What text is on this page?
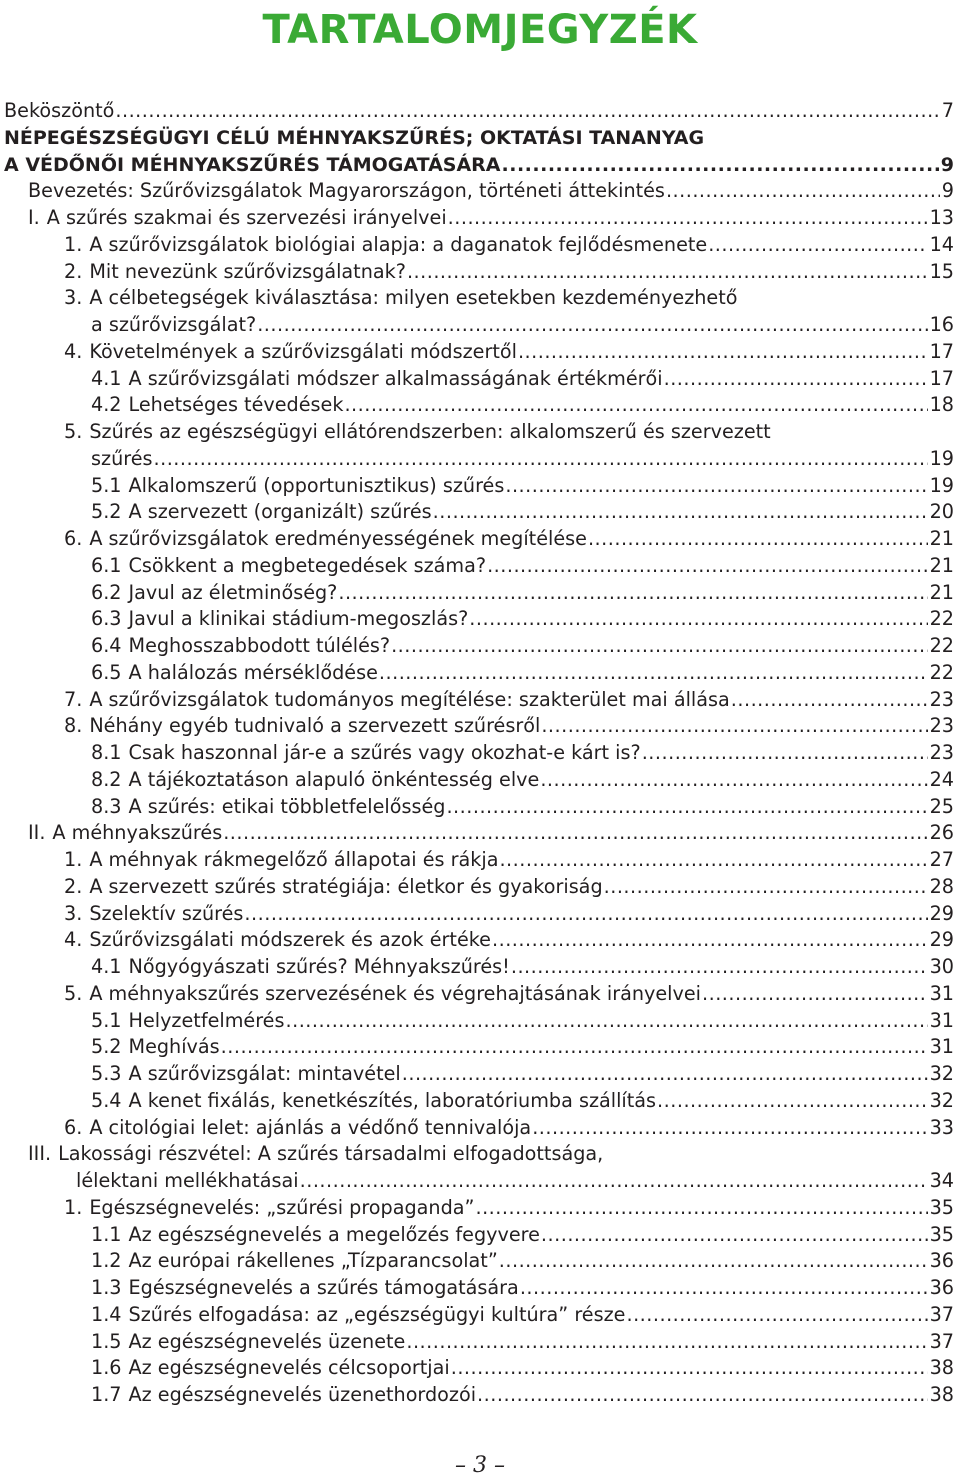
TARTALOMJEGYZÉK
Beköszöntő .....	7
NÉPEGÉSZSÉGÜGYI CÉLÚ MÉHNYAKSZŰRÉS; OKTATÁSI TANANYAG
A VÉDŐNŐI MÉHNYAKSZŰRÉS TÁMOGATÁSÁRA .....	9
Bevezetés: Szűrővizsgálatok Magyarországon, történeti áttekintés .....	9
I. A szűrés szakmai és szervezési irányelvei .....	13
1. A szűrővizsgálatok biológiai alapja: a daganatok fejlődésmenete .....	14
2. Mit nevezünk szűrővizsgálatnak? .....	15
3. A célbetegségek kiválasztása: milyen esetekben kezdeményezhető
a szűrővizsgálat? .....	16
4. Követelmények a szűrővizsgálati módszertől .....	17
4.1 A szűrővizsgálati módszer alkalmasságának értékmérői .....	17
4.2 Lehetséges tévedések .....	18
5. Szűrés az egészségügyi ellátórendszerben: alkalomszerű és szervezett
szűrés .....	19
5.1 Alkalomszerű (opportunisztikus) szűrés .....	19
5.2 A szervezett (organizált) szűrés .....	20
6. A szűrővizsgálatok eredményességének megítélése .....	21
6.1 Csökkent a megbetegedések száma? .....	21
6.2 Javul az életminőség? .....	21
6.3 Javul a klinikai stádium-megoszlás? .....	22
6.4 Meghosszabbodott túlélés? .....	22
6.5 A halálozás mérséklődése .....	22
7. A szűrővizsgálatok tudományos megítélése: szakterület mai állása .....	23
8. Néhány egyéb tudnivaló a szervezett szűrésről .....	23
8.1 Csak haszonnal jár-e a szűrés vagy okozhat-e kárt is? .....	23
8.2 A tájékoztatáson alapuló önkéntesség elve .....	24
8.3 A szűrés: etikai többletfelelősség .....	25
II. A méhnyakszűrés .....	26
1. A méhnyak rákmegelőző állapotai és rákja .....	27
2. A szervezett szűrés stratégiája: életkor és gyakoriság .....	28
3. Szelektív szűrés .....	29
4. Szűrővizsgálati módszerek és azok értéke .....	29
4.1 Nőgyógyászati szűrés? Méhnyakszűrés! .....	30
5. A méhnyakszűrés szervezésének és végrehajtásának irányelvei .....	31
5.1 Helyzetfelmérés .....	31
5.2 Meghívás .....	31
5.3 A szűrővizsgálat: mintavétel .....	32
5.4 A kenet fixálás, kenetkészítés, laboratóriumba szállítás .....	32
6. A citológiai lelet: ajánlás a védőnő tennivalója .....	33
III. Lakossági részvétel: A szűrés társadalmi elfogadottsága,
lélektani mellékhatásai .....	34
1. Egészségnevelés: „szűrési propaganda” .....	35
1.1 Az egészségnevelés a megelőzés fegyvere .....	35
1.2 Az európai rákellenes „Tízparancsolat” .....	36
1.3 Egészségnevelés a szűrés támogatására .....	36
1.4 Szűrés elfogadása: az „egészségügyi kultúra” része .....	37
1.5 Az egészségnevelés üzenete .....	37
1.6 Az egészségnevelés célcsoportjai .....	38
1.7 Az egészségnevelés üzenethordozói .....	38
– 3 –
